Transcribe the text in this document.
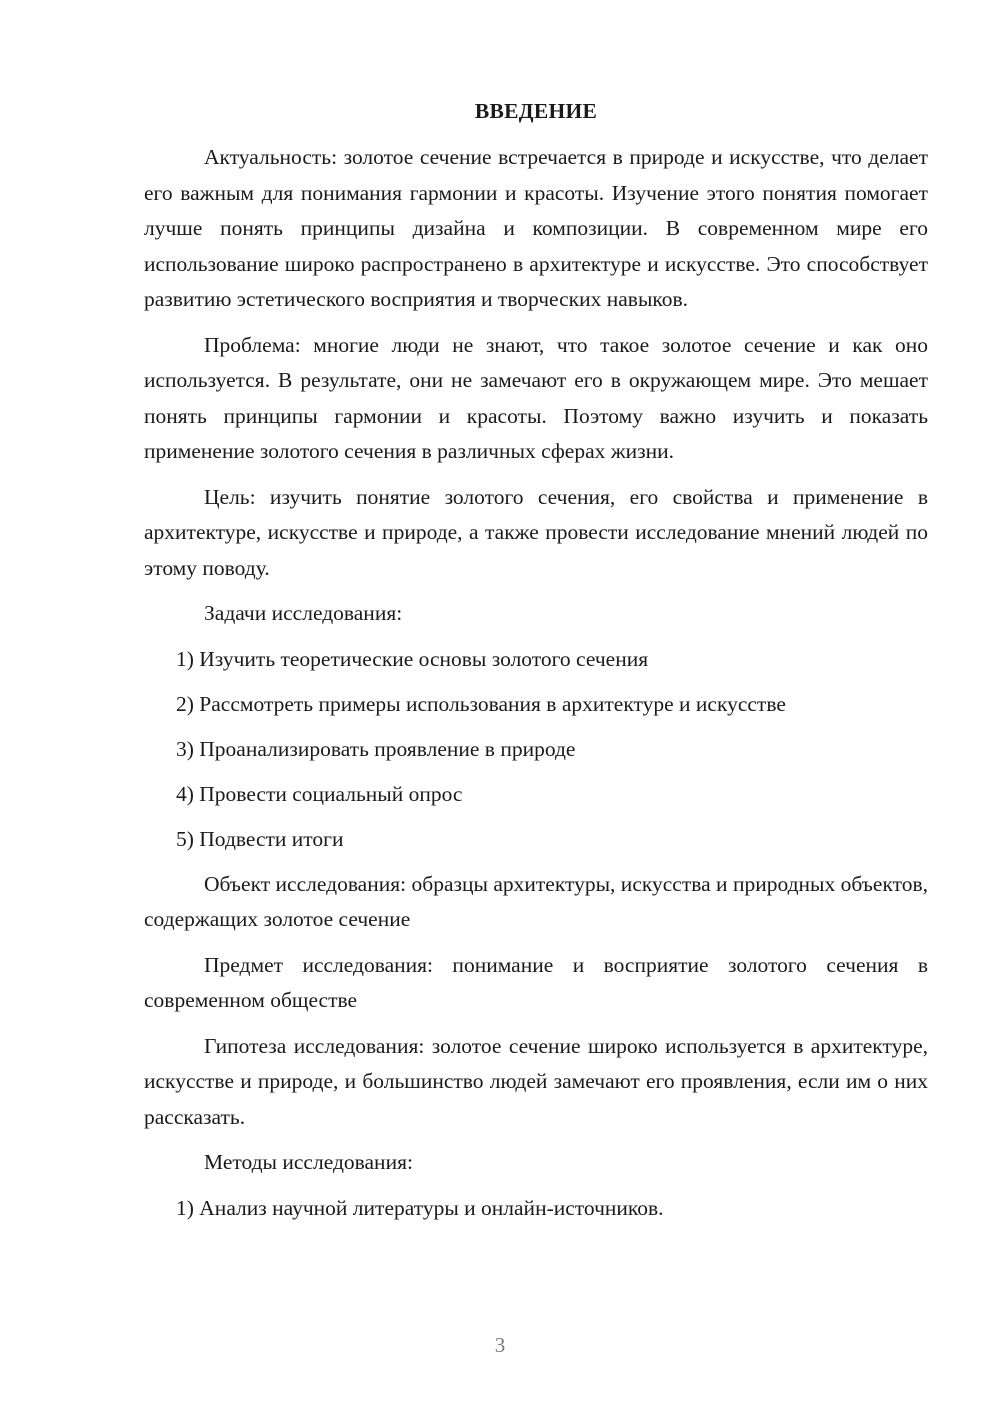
ВВЕДЕНИЕ

Актуальность: золотое сечение встречается в природе и искусстве, что делает его важным для понимания гармонии и красоты. Изучение этого понятия помогает лучше понять принципы дизайна и композиции. В современном мире его использование широко распространено в архитектуре и искусстве. Это способствует развитию эстетического восприятия и творческих навыков.

Проблема: многие люди не знают, что такое золотое сечение и как оно используется. В результате, они не замечают его в окружающем мире. Это мешает понять принципы гармонии и красоты. Поэтому важно изучить и показать применение золотого сечения в различных сферах жизни.

Цель: изучить понятие золотого сечения, его свойства и применение в архитектуре, искусстве и природе, а также провести исследование мнений людей по этому поводу.

Задачи исследования:

1) Изучить теоретические основы золотого сечения
2) Рассмотреть примеры использования в архитектуре и искусстве
3) Проанализировать проявление в природе
4) Провести социальный опрос
5) Подвести итоги

Объект исследования: образцы архитектуры, искусства и природных объектов, содержащих золотое сечение

Предмет исследования: понимание и восприятие золотого сечения в современном обществе

Гипотеза исследования: золотое сечение широко используется в архитектуре, искусстве и природе, и большинство людей замечают его проявления, если им о них рассказать.

Методы исследования:

1) Анализ научной литературы и онлайн-источников.
3
